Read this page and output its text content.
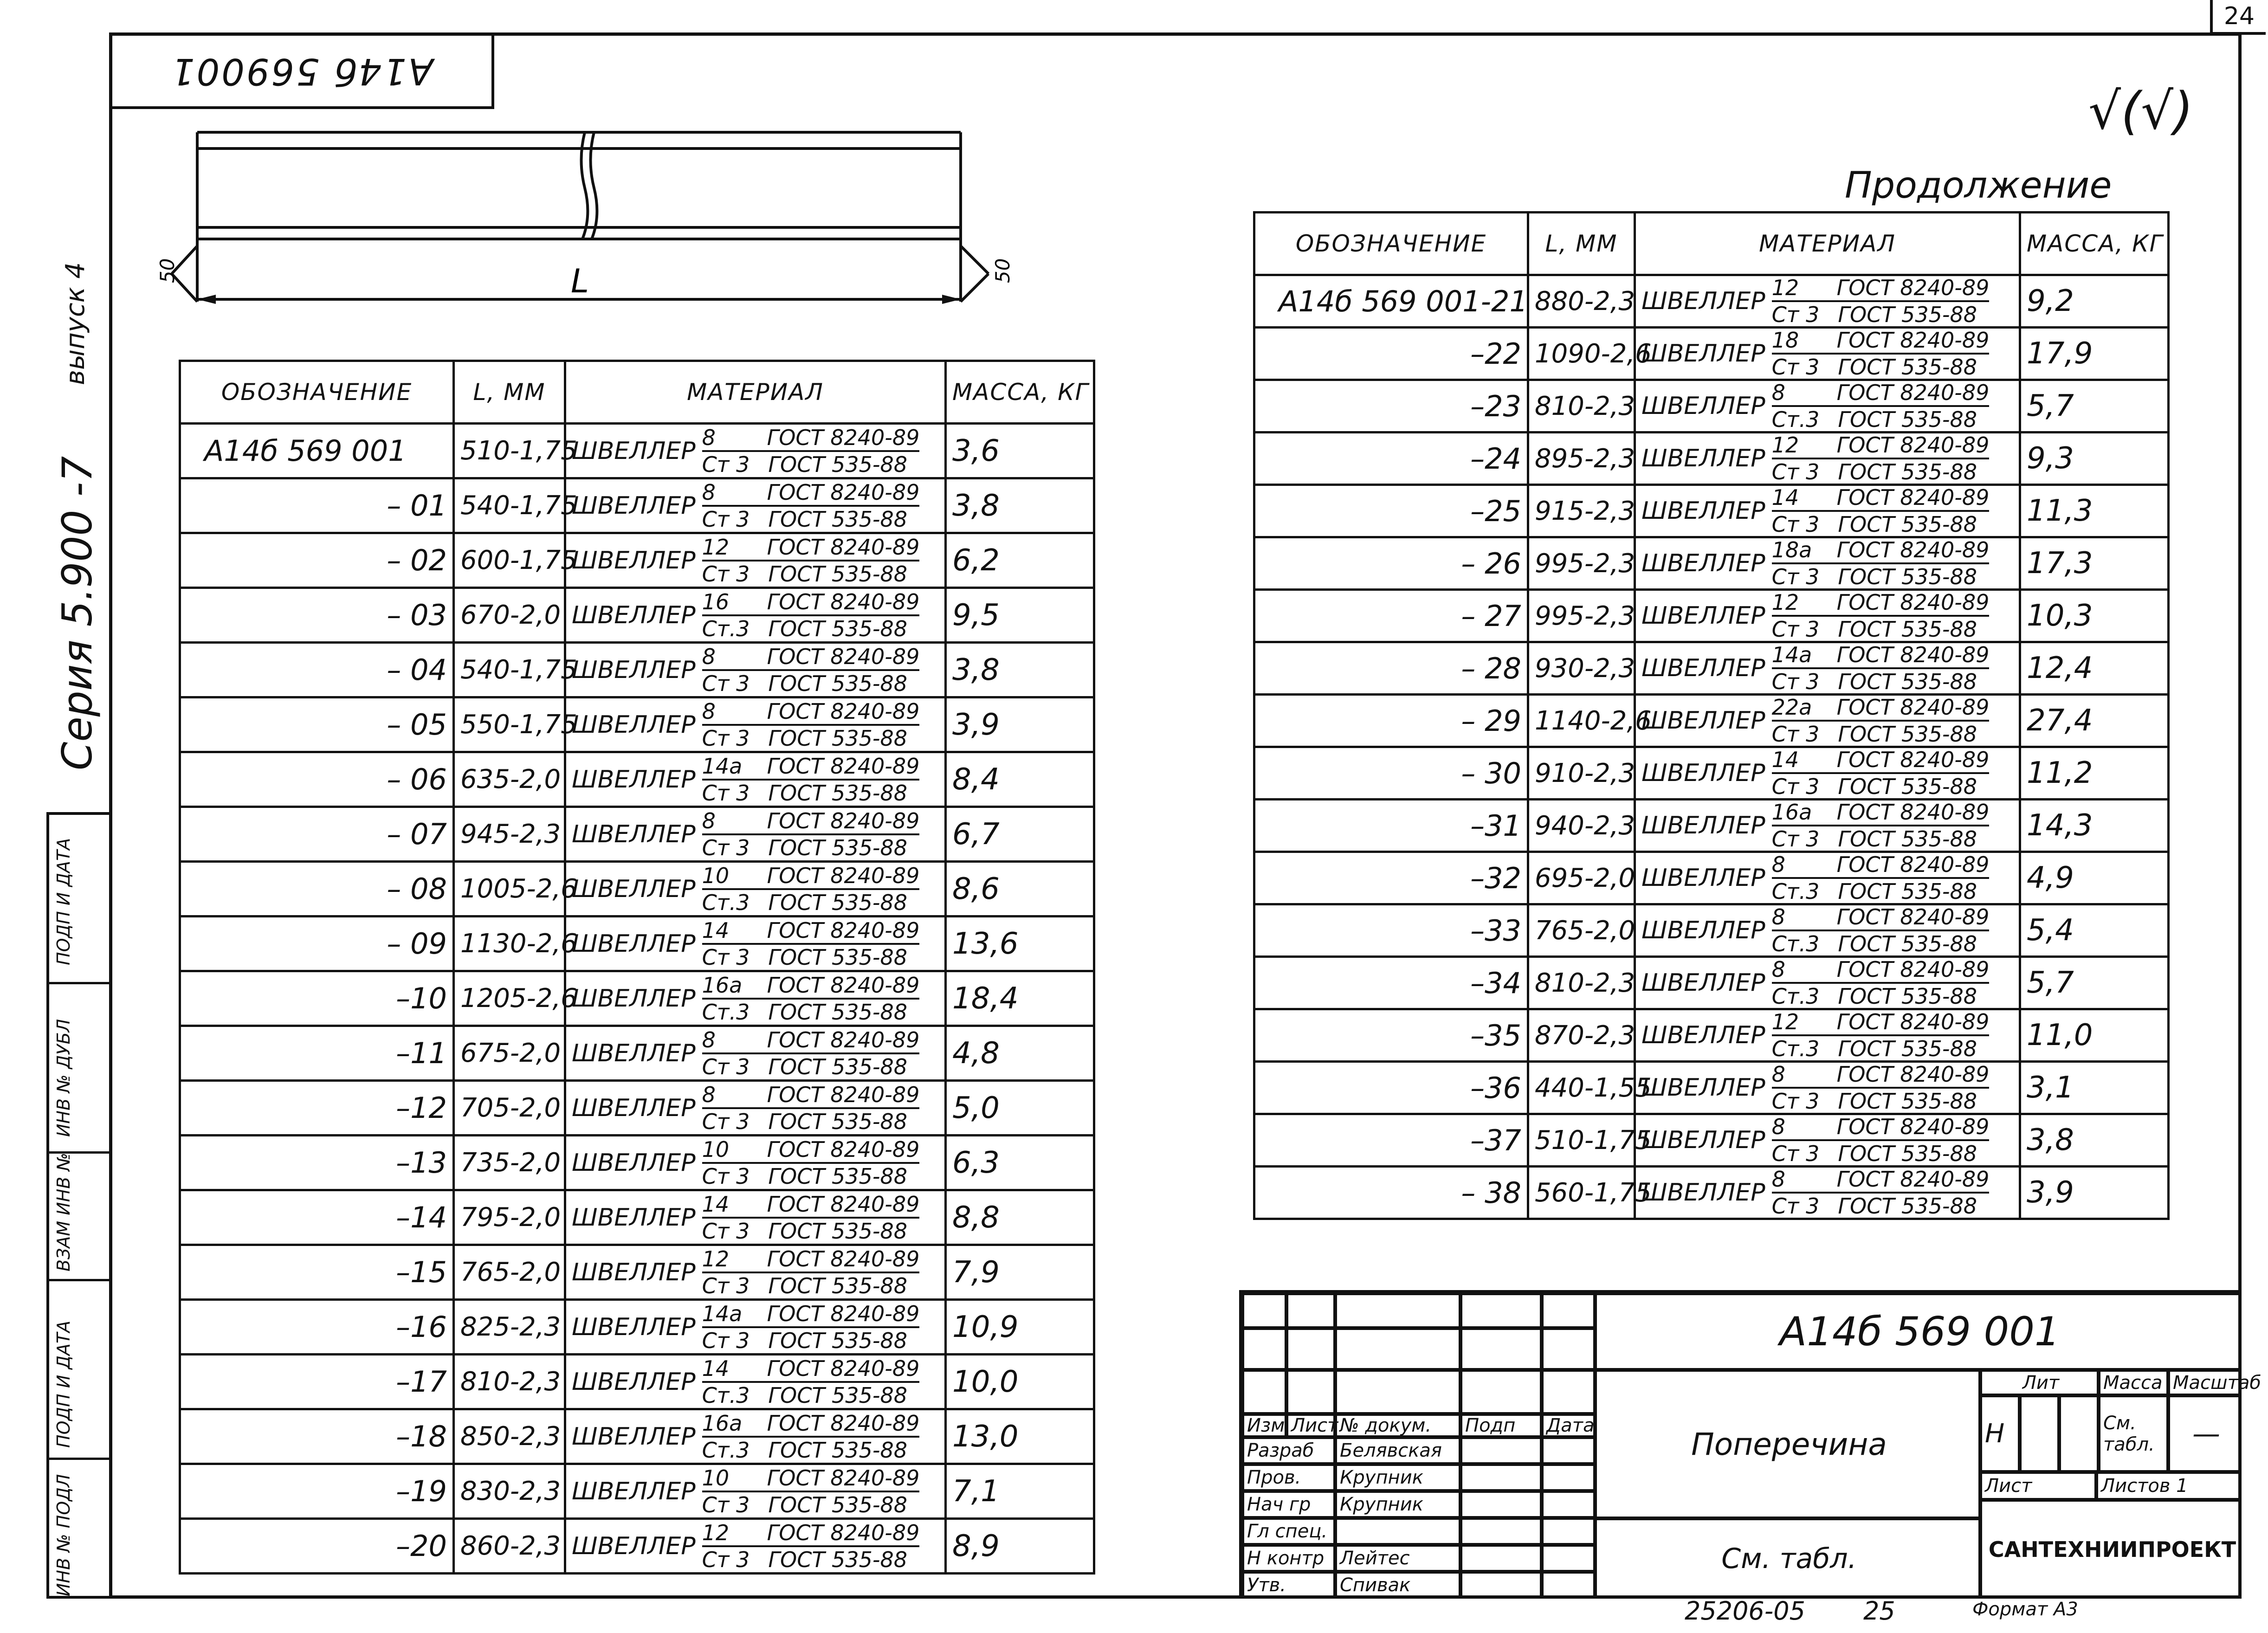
24
А14б 569001
Серия 5.900 -7
выпуск 4
ПОДП И ДАТА
ИНВ № ДУБЛ
ВЗАМ ИНВ №
ПОДП И ДАТА
ИНВ № ПОДЛ
L
50	50
√(√)
Продолжение
ОБОЗНАЧЕНИЕ	L, ММ	МАТЕРИАЛ	МАССА, КГ
А14б 569 001	510-1,75	ШВЕЛЛЕР $\frac{\text{8 ГОСТ 8240-89}}{\text{Ст 3 ГОСТ 535-88}}$	3,6
– 01	540-1,75	ШВЕЛЛЕР $\frac{\text{8 ГОСТ 8240-89}}{\text{Ст 3 ГОСТ 535-88}}$	3,8
– 02	600-1,75	ШВЕЛЛЕР $\frac{\text{12 ГОСТ 8240-89}}{\text{Ст 3 ГОСТ 535-88}}$	6,2
– 03	670-2,0	ШВЕЛЛЕР $\frac{\text{16 ГОСТ 8240-89}}{\text{Ст.3 ГОСТ 535-88}}$	9,5
– 04	540-1,75	ШВЕЛЛЕР $\frac{\text{8 ГОСТ 8240-89}}{\text{Ст 3 ГОСТ 535-88}}$	3,8
– 05	550-1,75	ШВЕЛЛЕР $\frac{\text{8 ГОСТ 8240-89}}{\text{Ст 3 ГОСТ 535-88}}$	3,9
– 06	635-2,0	ШВЕЛЛЕР $\frac{\text{14а ГОСТ 8240-89}}{\text{Ст 3 ГОСТ 535-88}}$	8,4
– 07	945-2,3	ШВЕЛЛЕР $\frac{\text{8 ГОСТ 8240-89}}{\text{Ст 3 ГОСТ 535-88}}$	6,7
– 08	1005-2,6	ШВЕЛЛЕР $\frac{\text{10 ГОСТ 8240-89}}{\text{Ст.3 ГОСТ 535-88}}$	8,6
– 09	1130-2,6	ШВЕЛЛЕР $\frac{\text{14 ГОСТ 8240-89}}{\text{Ст 3 ГОСТ 535-88}}$	13,6
–10	1205-2,6	ШВЕЛЛЕР $\frac{\text{16а ГОСТ 8240-89}}{\text{Ст.3 ГОСТ 535-88}}$	18,4
–11	675-2,0	ШВЕЛЛЕР $\frac{\text{8 ГОСТ 8240-89}}{\text{Ст 3 ГОСТ 535-88}}$	4,8
–12	705-2,0	ШВЕЛЛЕР $\frac{\text{8 ГОСТ 8240-89}}{\text{Ст 3 ГОСТ 535-88}}$	5,0
–13	735-2,0	ШВЕЛЛЕР $\frac{\text{10 ГОСТ 8240-89}}{\text{Ст 3 ГОСТ 535-88}}$	6,3
–14	795-2,0	ШВЕЛЛЕР $\frac{\text{14 ГОСТ 8240-89}}{\text{Ст 3 ГОСТ 535-88}}$	8,8
–15	765-2,0	ШВЕЛЛЕР $\frac{\text{12 ГОСТ 8240-89}}{\text{Ст 3 ГОСТ 535-88}}$	7,9
–16	825-2,3	ШВЕЛЛЕР $\frac{\text{14а ГОСТ 8240-89}}{\text{Ст 3 ГОСТ 535-88}}$	10,9
–17	810-2,3	ШВЕЛЛЕР $\frac{\text{14 ГОСТ 8240-89}}{\text{Ст.3 ГОСТ 535-88}}$	10,0
–18	850-2,3	ШВЕЛЛЕР $\frac{\text{16а ГОСТ 8240-89}}{\text{Ст.3 ГОСТ 535-88}}$	13,0
–19	830-2,3	ШВЕЛЛЕР $\frac{\text{10 ГОСТ 8240-89}}{\text{Ст 3 ГОСТ 535-88}}$	7,1
–20	860-2,3	ШВЕЛЛЕР $\frac{\text{12 ГОСТ 8240-89}}{\text{Ст 3 ГОСТ 535-88}}$	8,9
ОБОЗНАЧЕНИЕ	L, ММ	МАТЕРИАЛ	МАССА, КГ
А14б 569 001-21	880-2,3	ШВЕЛЛЕР $\frac{\text{12 ГОСТ 8240-89}}{\text{Ст 3 ГОСТ 535-88}}$	9,2
–22	1090-2,6	ШВЕЛЛЕР $\frac{\text{18 ГОСТ 8240-89}}{\text{Ст 3 ГОСТ 535-88}}$	17,9
–23	810-2,3	ШВЕЛЛЕР $\frac{\text{8 ГОСТ 8240-89}}{\text{Ст.3 ГОСТ 535-88}}$	5,7
–24	895-2,3	ШВЕЛЛЕР $\frac{\text{12 ГОСТ 8240-89}}{\text{Ст 3 ГОСТ 535-88}}$	9,3
–25	915-2,3	ШВЕЛЛЕР $\frac{\text{14 ГОСТ 8240-89}}{\text{Ст 3 ГОСТ 535-88}}$	11,3
– 26	995-2,3	ШВЕЛЛЕР $\frac{\text{18а ГОСТ 8240-89}}{\text{Ст 3 ГОСТ 535-88}}$	17,3
– 27	995-2,3	ШВЕЛЛЕР $\frac{\text{12 ГОСТ 8240-89}}{\text{Ст 3 ГОСТ 535-88}}$	10,3
– 28	930-2,3	ШВЕЛЛЕР $\frac{\text{14а ГОСТ 8240-89}}{\text{Ст 3 ГОСТ 535-88}}$	12,4
– 29	1140-2,6	ШВЕЛЛЕР $\frac{\text{22а ГОСТ 8240-89}}{\text{Ст 3 ГОСТ 535-88}}$	27,4
– 30	910-2,3	ШВЕЛЛЕР $\frac{\text{14 ГОСТ 8240-89}}{\text{Ст 3 ГОСТ 535-88}}$	11,2
–31	940-2,3	ШВЕЛЛЕР $\frac{\text{16а ГОСТ 8240-89}}{\text{Ст 3 ГОСТ 535-88}}$	14,3
–32	695-2,0	ШВЕЛЛЕР $\frac{\text{8 ГОСТ 8240-89}}{\text{Ст.3 ГОСТ 535-88}}$	4,9
–33	765-2,0	ШВЕЛЛЕР $\frac{\text{8 ГОСТ 8240-89}}{\text{Ст.3 ГОСТ 535-88}}$	5,4
–34	810-2,3	ШВЕЛЛЕР $\frac{\text{8 ГОСТ 8240-89}}{\text{Ст.3 ГОСТ 535-88}}$	5,7
–35	870-2,3	ШВЕЛЛЕР $\frac{\text{12 ГОСТ 8240-89}}{\text{Ст.3 ГОСТ 535-88}}$	11,0
–36	440-1,55	ШВЕЛЛЕР $\frac{\text{8 ГОСТ 8240-89}}{\text{Ст 3 ГОСТ 535-88}}$	3,1
–37	510-1,75	ШВЕЛЛЕР $\frac{\text{8 ГОСТ 8240-89}}{\text{Ст 3 ГОСТ 535-88}}$	3,8
– 38	560-1,75	ШВЕЛЛЕР $\frac{\text{8 ГОСТ 8240-89}}{\text{Ст 3 ГОСТ 535-88}}$	3,9
Изм Лист № докум.	Подп	Дата
Разраб	Белявская
Пров.	Крупник
Нач гр	Крупник
Гл спец.
Н контр Лейтес
Утв.	Спивак
А14б 569 001
Поперечина
См. табл.
Лит	Масса Масштаб
Н	См. табл.	—
Лист	Листов 1
САНТЕХНИИПРОЕКТ
25206-05 25	Формат А3
